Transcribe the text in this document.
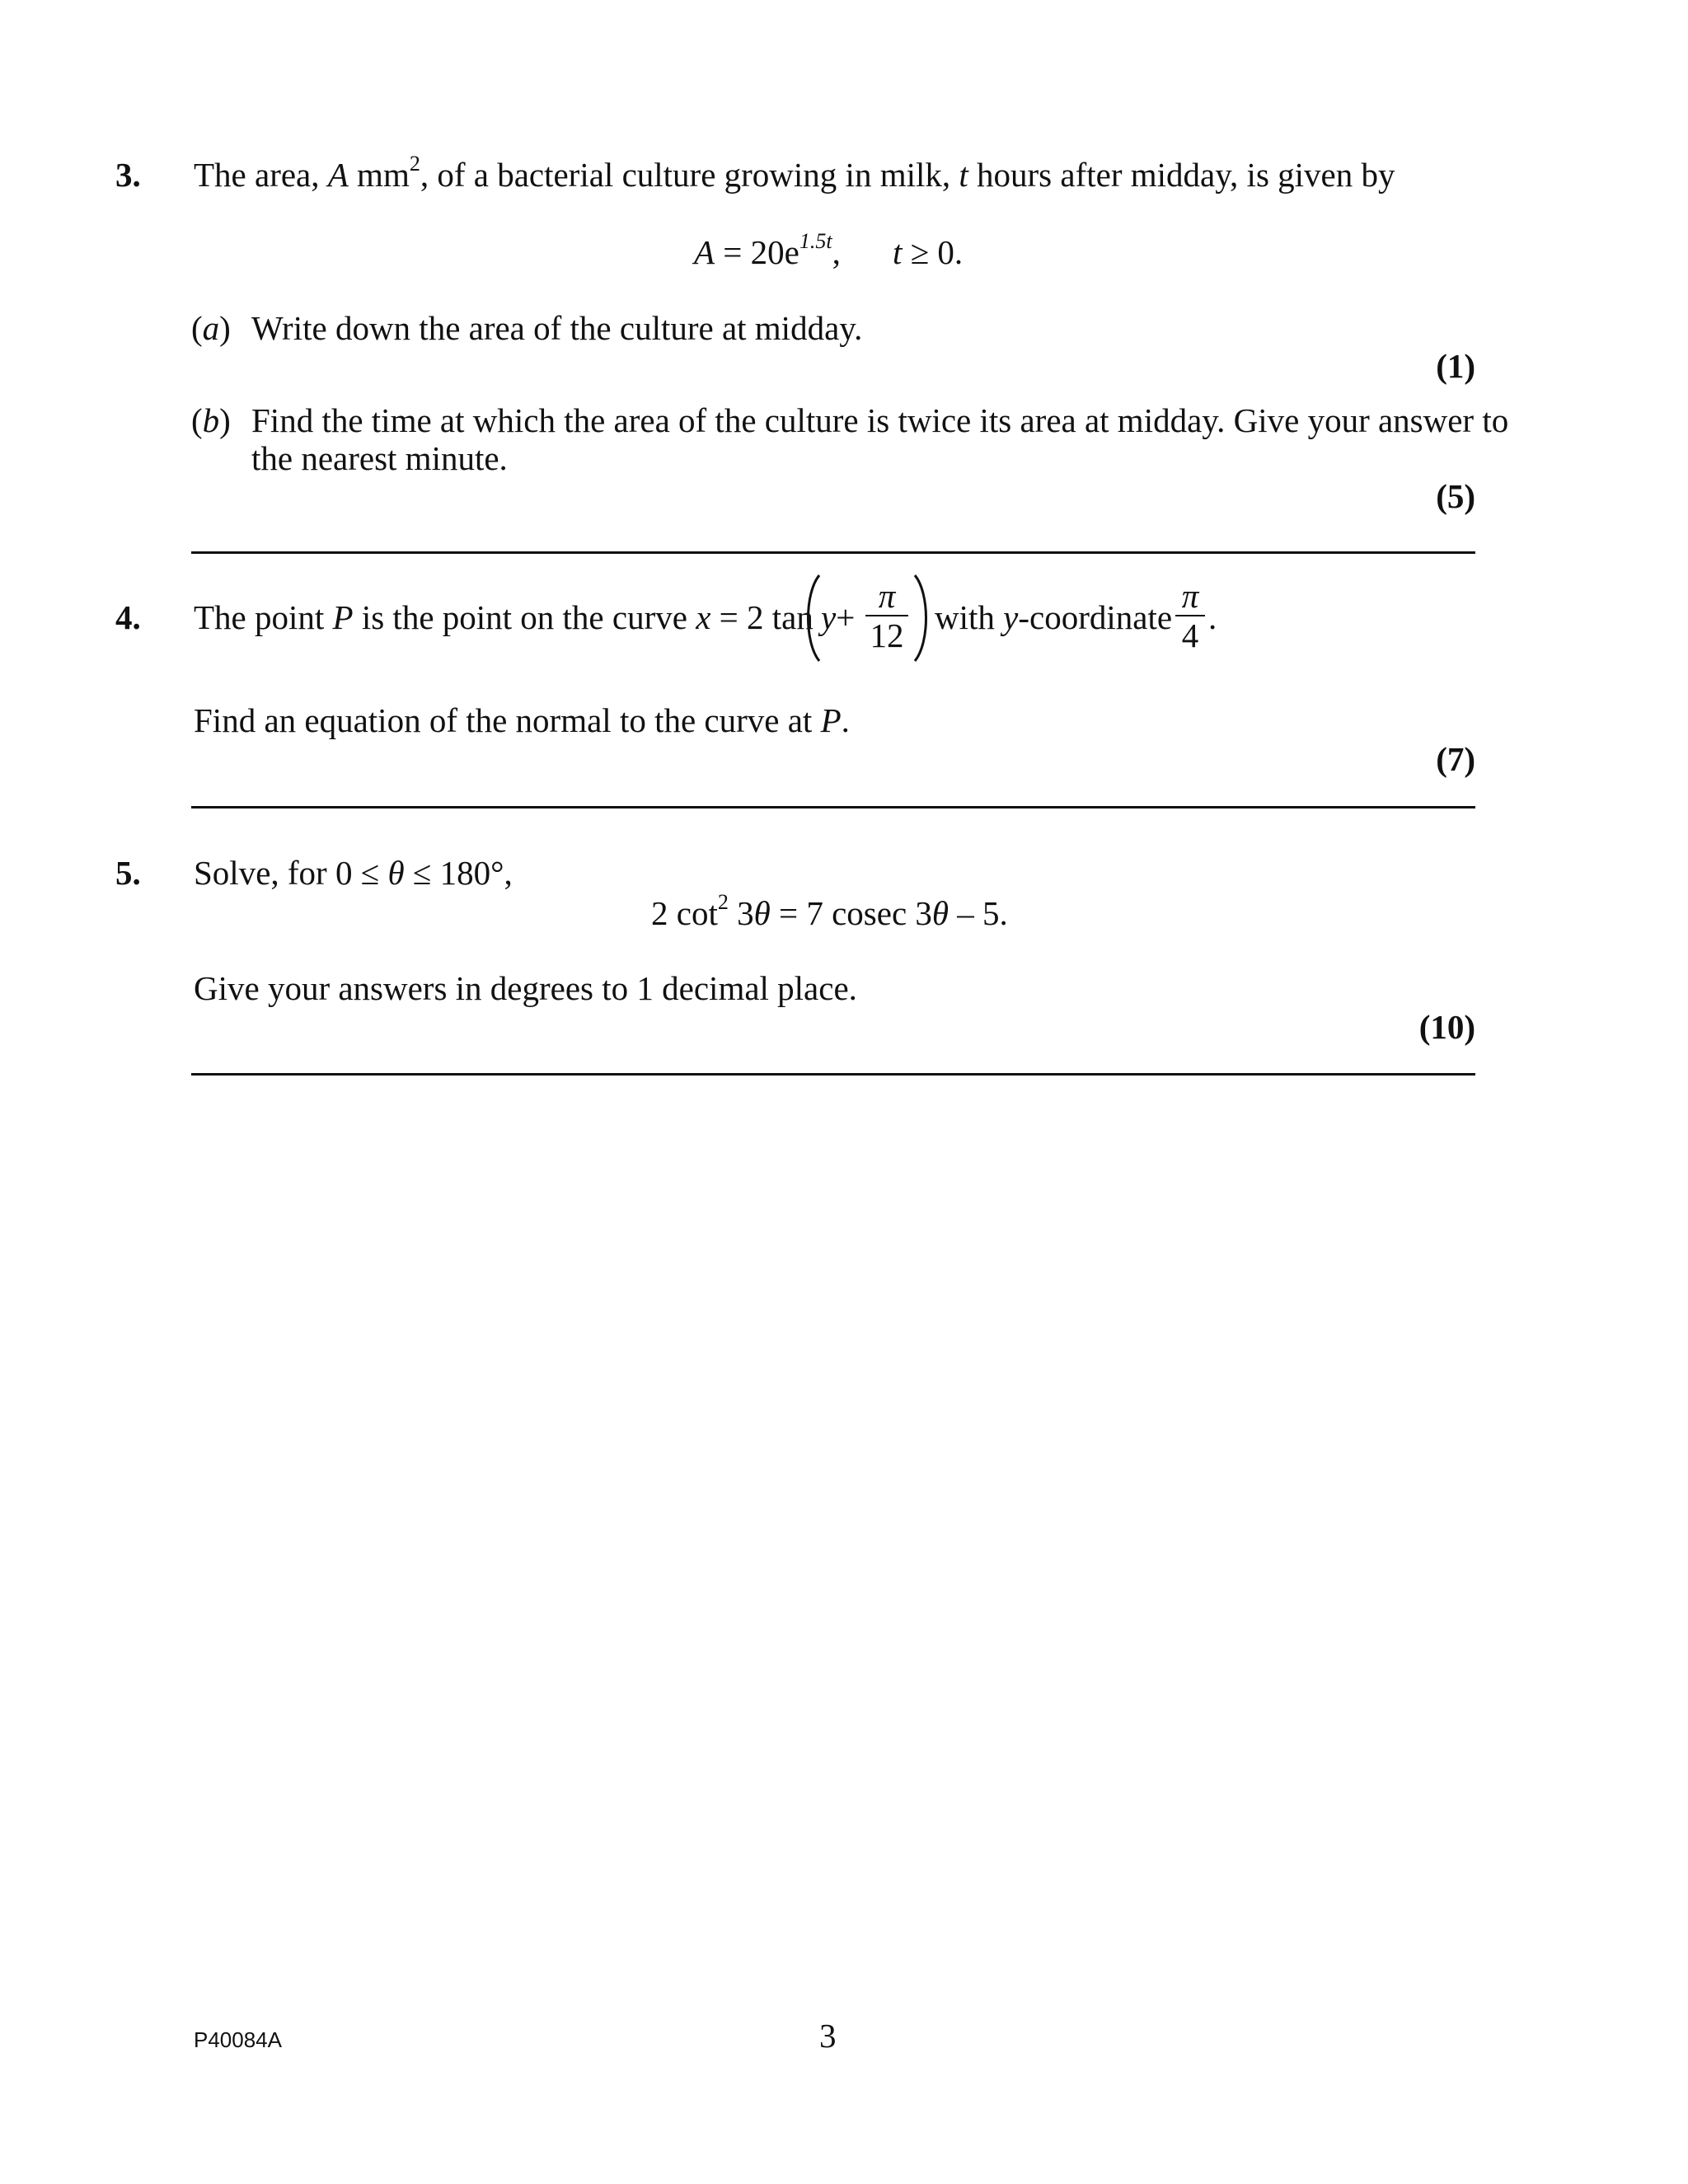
3. The area, A $mm^2$, of a bacterial culture growing in milk, t hours after midday, is given by
$A = 20e^{1.5t}$, t ≥ 0.
(a) Write down the area of the culture at midday.
(1)
(b) Find the time at which the area of the culture is twice its area at midday. Give your answer to
the nearest minute.
(5)
4. The point P is the point on the curve x = 2 tan y+
π
12 with y-coordinate
π
4 .
Find an equation of the normal to the curve at P.
(7)
5. Solve, for 0 ≤ θ ≤ 180°,
2 $\cot^2 3\theta = 7$ cosec 3θ – 5.
Give your answers in degrees to 1 decimal place.
(10)
P40084A	3
